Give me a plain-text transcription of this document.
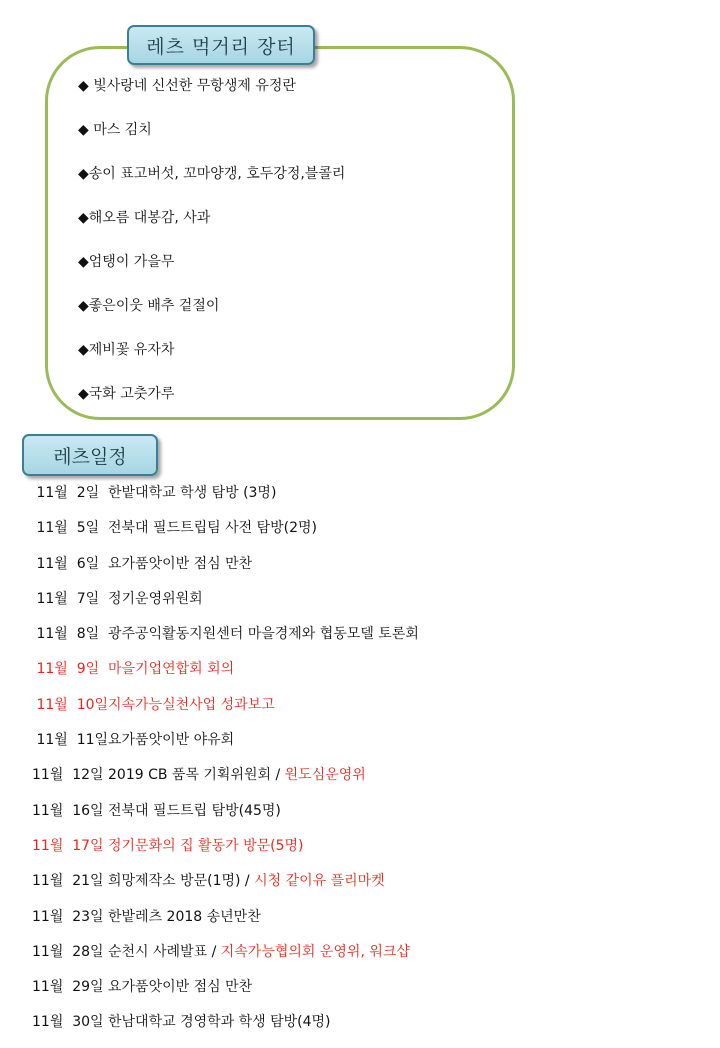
레츠 먹거리 장터
◆ 빛사랑네 신선한 무항생제 유정란
◆ 마스 김치
◆송이 표고버섯, 꼬마양갱, 호두강정,블콜리
◆해오름 대봉감, 사과
◆엄탱이 가을무
◆좋은이웃 배추 겉절이
◆제비꽃 유자차
◆국화 고춧가루
레츠일정
11월  2일 한밭대학교 학생 탐방 (3명)
11월  5일 전북대 필드트립팀 사전 탐방(2명)
11월  6일 요가품앗이반 점심 만찬
11월  7일 정기운영위원회
11월  8일 광주공익활동지원센터 마을경제와 협동모델 토론회
11월  9일 마을기업연합회 회의
11월  10일지속가능실천사업 성과보고
11월  11일요가품앗이반 야유회
11월  12일 2019 CB 품목 기획위원회 / 원도심운영위
11월  16일 전북대 필드트립 탐방(45명)
11월  17일 정기문화의 집 활동가 방문(5명)
11월  21일 희망제작소 방문(1명) / 시청 같이유 플리마켓
11월  23일 한밭레츠 2018 송년만찬
11월  28일 순천시 사례발표 / 지속가능협의회 운영위, 워크샵
11월  29일 요가품앗이반 점심 만찬
11월  30일 한남대학교 경영학과 학생 탐방(4명)
